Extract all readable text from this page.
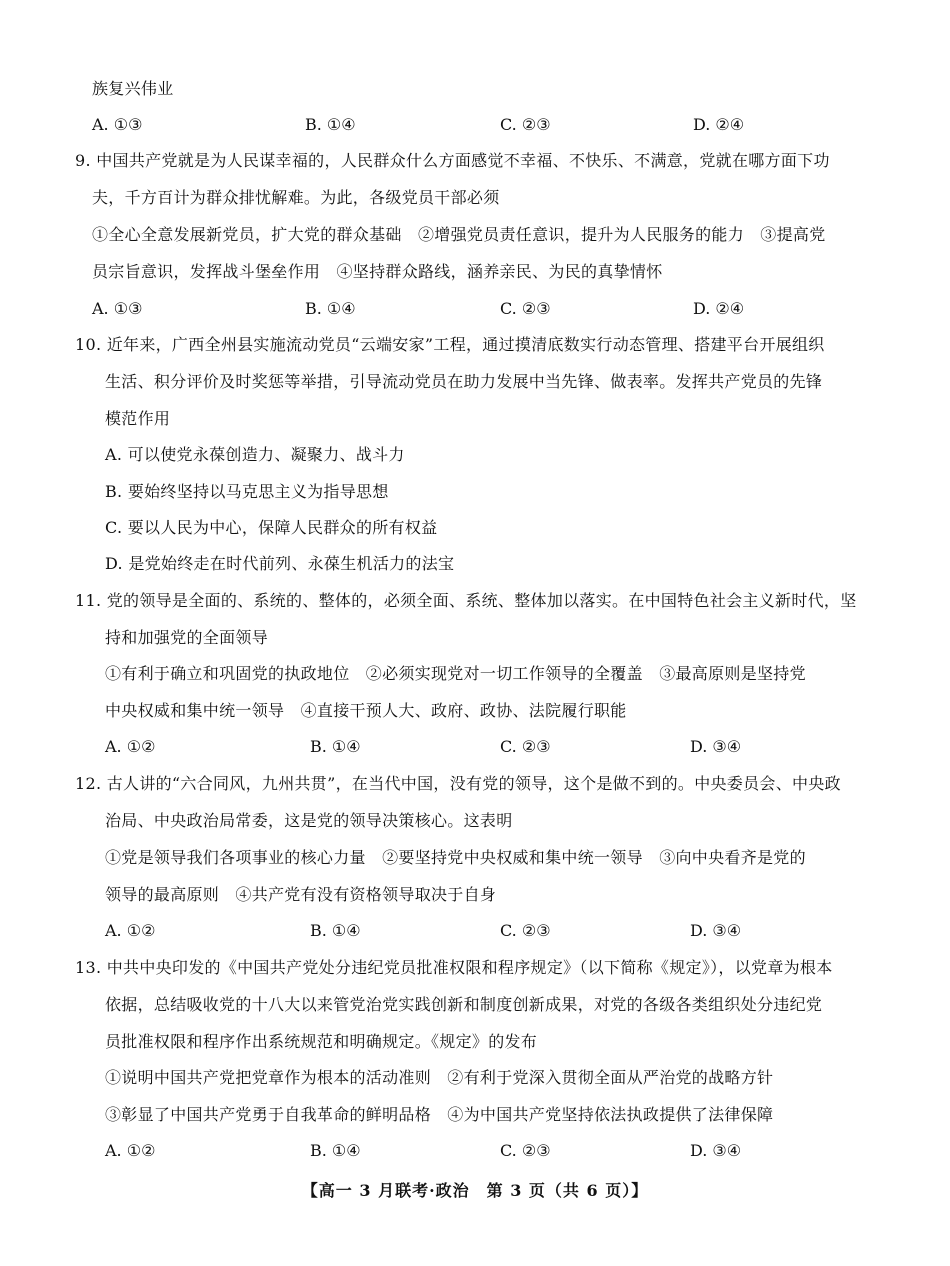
族复兴伟业
A. ①③	B. ①④	C. ②③	D. ②④
9. 中国共产党就是为人民谋幸福的，人民群众什么方面感觉不幸福、不快乐、不满意，党就在哪方面下功
夫，千方百计为群众排忧解难。为此，各级党员干部必须
①全心全意发展新党员，扩大党的群众基础　②增强党员责任意识，提升为人民服务的能力　③提高党
员宗旨意识，发挥战斗堡垒作用　④坚持群众路线，涵养亲民、为民的真挚情怀
A. ①③	B. ①④	C. ②③	D. ②④
10. 近年来，广西全州县实施流动党员“云端安家”工程，通过摸清底数实行动态管理、搭建平台开展组织
生活、积分评价及时奖惩等举措，引导流动党员在助力发展中当先锋、做表率。发挥共产党员的先锋
模范作用
A. 可以使党永葆创造力、凝聚力、战斗力
B. 要始终坚持以马克思主义为指导思想
C. 要以人民为中心，保障人民群众的所有权益
D. 是党始终走在时代前列、永葆生机活力的法宝
11. 党的领导是全面的、系统的、整体的，必须全面、系统、整体加以落实。在中国特色社会主义新时代，坚
持和加强党的全面领导
①有利于确立和巩固党的执政地位　②必须实现党对一切工作领导的全覆盖　③最高原则是坚持党
中央权威和集中统一领导　④直接干预人大、政府、政协、法院履行职能
A. ①②	B. ①④	C. ②③	D. ③④
12. 古人讲的“六合同风，九州共贯”，在当代中国，没有党的领导，这个是做不到的。中央委员会、中央政
治局、中央政治局常委，这是党的领导决策核心。这表明
①党是领导我们各项事业的核心力量　②要坚持党中央权威和集中统一领导　③向中央看齐是党的
领导的最高原则　④共产党有没有资格领导取决于自身
A. ①②	B. ①④	C. ②③	D. ③④
13. 中共中央印发的《中国共产党处分违纪党员批准权限和程序规定》（以下简称《规定》），以党章为根本
依据，总结吸收党的十八大以来管党治党实践创新和制度创新成果，对党的各级各类组织处分违纪党
员批准权限和程序作出系统规范和明确规定。《规定》的发布
①说明中国共产党把党章作为根本的活动准则　②有利于党深入贯彻全面从严治党的战略方针
③彰显了中国共产党勇于自我革命的鲜明品格　④为中国共产党坚持依法执政提供了法律保障
A. ①②	B. ①④	C. ②③	D. ③④
【高一 3 月联考·政治　第 3 页（共 6 页）】
